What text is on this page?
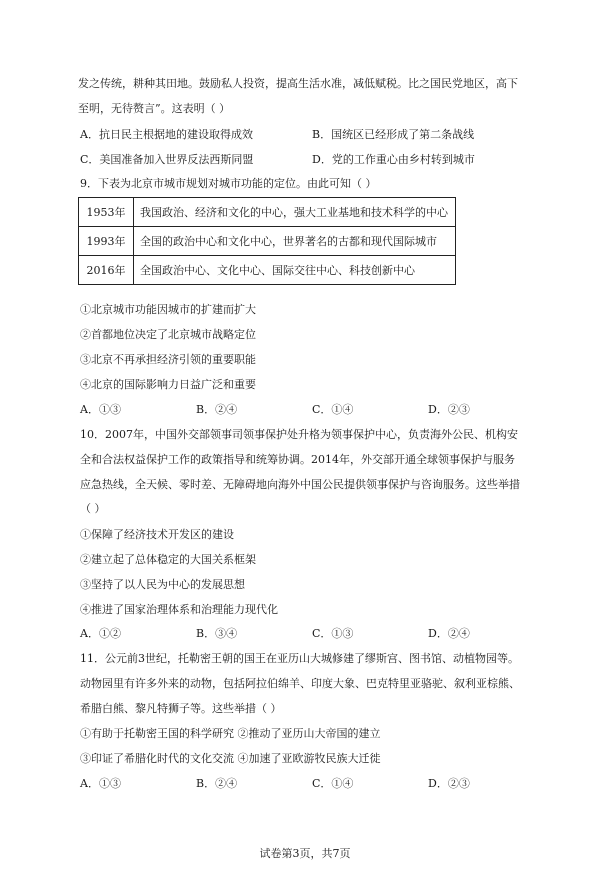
发之传统，耕种其田地。鼓励私人投资，提高生活水准，减低赋税。比之国民党地区，高下
至明，无待赘言”。这表明（ ）
A．抗日民主根据地的建设取得成效	B．国统区已经形成了第二条战线
C．美国准备加入世界反法西斯同盟	D．党的工作重心由乡村转到城市
9．下表为北京市城市规划对城市功能的定位。由此可知（ ）
1953年	我国政治、经济和文化的中心，强大工业基地和技术科学的中心
1993年	全国的政治中心和文化中心，世界著名的古都和现代国际城市
2016年	全国政治中心、文化中心、国际交往中心、科技创新中心
①北京城市功能因城市的扩建而扩大
②首都地位决定了北京城市战略定位
③北京不再承担经济引领的重要职能
④北京的国际影响力日益广泛和重要
A．①③	B．②④	C．①④	D．②③
10．2007年，中国外交部领事司领事保护处升格为领事保护中心，负责海外公民、机构安
全和合法权益保护工作的政策指导和统筹协调。2014年，外交部开通全球领事保护与服务
应急热线，全天候、零时差、无障碍地向海外中国公民提供领事保护与咨询服务。这些举措
（ ）
①保障了经济技术开发区的建设
②建立起了总体稳定的大国关系框架
③坚持了以人民为中心的发展思想
④推进了国家治理体系和治理能力现代化
A．①②	B．③④	C．①③	D．②④
11．公元前3世纪，托勒密王朝的国王在亚历山大城修建了缪斯宫、图书馆、动植物园等。
动物园里有许多外来的动物，包括阿拉伯绵羊、印度大象、巴克特里亚骆驼、叙利亚棕熊、
希腊白熊、黎凡特狮子等。这些举措（ ）
①有助于托勒密王国的科学研究 ②推动了亚历山大帝国的建立
③印证了希腊化时代的文化交流 ④加速了亚欧游牧民族大迁徙
A．①③	B．②④	C．①④	D．②③
试卷第3页，共7页
